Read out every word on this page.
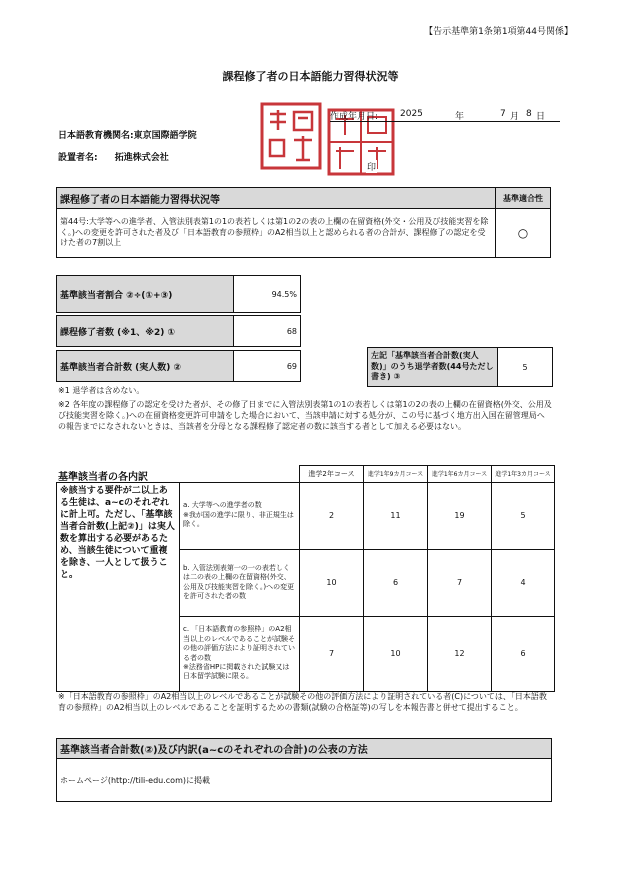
【告示基準第1条第1項第44号関係】
課程修了者の日本語能力習得状況等
印
作成年月日: 2025	年	7 月 8 日
日本語教育機関名:東京国際語学院
設置者名: 拓進株式会社
課程修了者の日本語能力習得状況等	基準適合性
第44号:大学等への進学者、入管法別表第1の1の表若しくは第1の2の表の上欄の在留資格(外交・公用及び技能実習を除く。)への変更を許可された者及び「日本語教育の参照枠」のA2相当以上と認められる者の合計が、課程修了の認定を受けた者の7割以上	○
基準該当者割合 ②÷(①+③)	94.5%
課程修了者数 (※1、※2) ①	68
基準該当者合計数 (実人数) ②	69
左記「基準該当者合計数(実人数)」のうち退学者数(44号ただし書き) ③	5
※1 退学者は含めない。
※2 各年度の課程修了の認定を受けた者が、その修了日までに入管法別表第1の1の表若しくは第1の2の表の上欄の在留資格(外交、公用及び技能実習を除く。)への在留資格変更許可申請をした場合において、当該申請に対する処分が、この号に基づく地方出入国在留管理局への報告までになされないときは、当該者を分母となる課程修了認定者の数に該当する者として加える必要はない。
基準該当者の各内訳
			進学2年コース	進学1年9カ月コース	進学1年6カ月コース	進学1年3カ月コース
※該当する要件が二以上ある生徒は、a~cのそれぞれに計上可。ただし、「基準該当者合計数(上記②)」は実人数を算出する必要があるため、当該生徒について重複を除き、一人として扱うこと。	a. 大学等への進学者の数
※我が国の進学に限り、非正規生は除く。	2	11	19	5

	b. 入管法別表第一の一の表若しくは二の表の上欄の在留資格(外交、公用及び技能実習を除く。)への変更を許可された者の数	10	6	7	4

	c. 「日本語教育の参照枠」のA2相当以上のレベルであることが試験その他の評価方法により証明されている者の数
※法務省HPに掲載された試験又は日本留学試験に限る。	7	10	12	6
※「日本語教育の参照枠」のA2相当以上のレベルであることが試験その他の評価方法により証明されている者(C)については、「日本語教育の参照枠」のA2相当以上のレベルであることを証明するための書類(試験の合格証等)の写しを本報告書と併せて提出すること。
基準該当者合計数(②)及び内訳(a~cのそれぞれの合計)の公表の方法
ホームページ(http://tili-edu.com)に掲載
